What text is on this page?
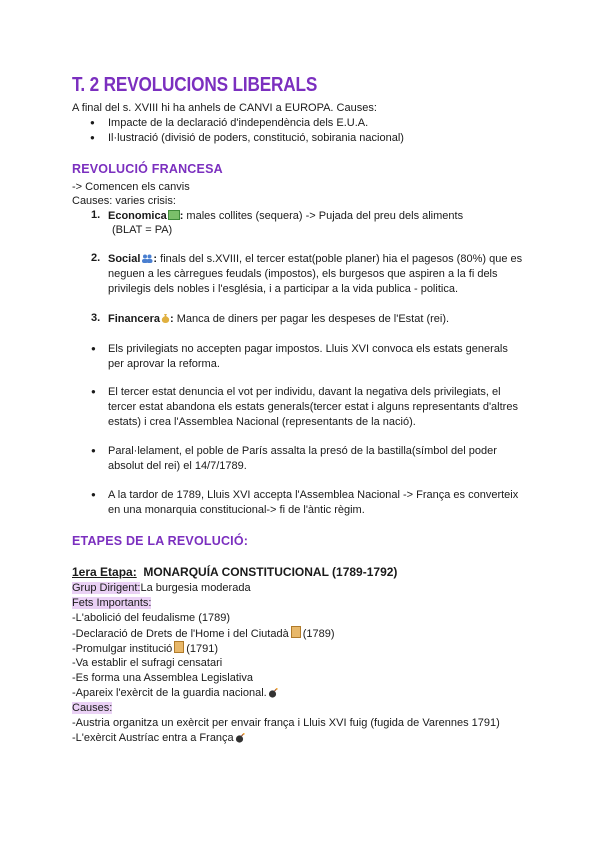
T. 2 REVOLUCIONS LIBERALS
A final del s. XVIII hi ha anhels de CANVI a EUROPA. Causes:
● Impacte de la declaració d'independència dels E.U.A.
● Il·lustració (divisió de poders, constitució, sobirania nacional)
REVOLUCIÓ FRANCESA
-> Comencen els canvis
Causes: varies crisis:
1. Economica : males collites (sequera) -> Pujada del preu dels aliments
(BLAT = PA)
2. Social : finals del s.XVIII, el tercer estat(poble planer) hia el pagesos (80%) que es
neguen a les càrregues feudals (impostos), els burgesos que aspiren a la fi dels
privilegis dels nobles i l'església, i a participar a la vida publica - politica.
3. Financera : Manca de diners per pagar les despeses de l'Estat (rei).
● Els privilegiats no accepten pagar impostos. Lluis XVI convoca els estats generals
per aprovar la reforma.
● El tercer estat denuncia el vot per individu, davant la negativa dels privilegiats, el
tercer estat abandona els estats generals(tercer estat i alguns representants d'altres
estats) i crea l'Assemblea Nacional (representants de la nació).
● Paral·lelament, el poble de París assalta la presó de la bastilla(símbol del poder
absolut del rei) el 14/7/1789.
● A la tardor de 1789, Lluis XVI accepta l'Assemblea Nacional -> França es converteix
en una monarquia constitucional-> fi de l'àntic règim.
ETAPES DE LA REVOLUCIÓ:
1era Etapa: MONARQUÍA CONSTITUCIONAL (1789-1792)
Grup Dirigent:La burgesia moderada
Fets Importants:
-L'abolició del feudalisme (1789)
-Declaració de Drets de l'Home i del Ciutadà (1789)
-Promulgar institució (1791)
-Va establir el sufragi censatari
-Es forma una Assemblea Legislativa
-Apareix l'exèrcit de la guardia nacional.
Causes:
-Austria organitza un exèrcit per envair frança i Lluis XVI fuig (fugida de Varennes 1791)
-L'exèrcit Austríac entra a França
